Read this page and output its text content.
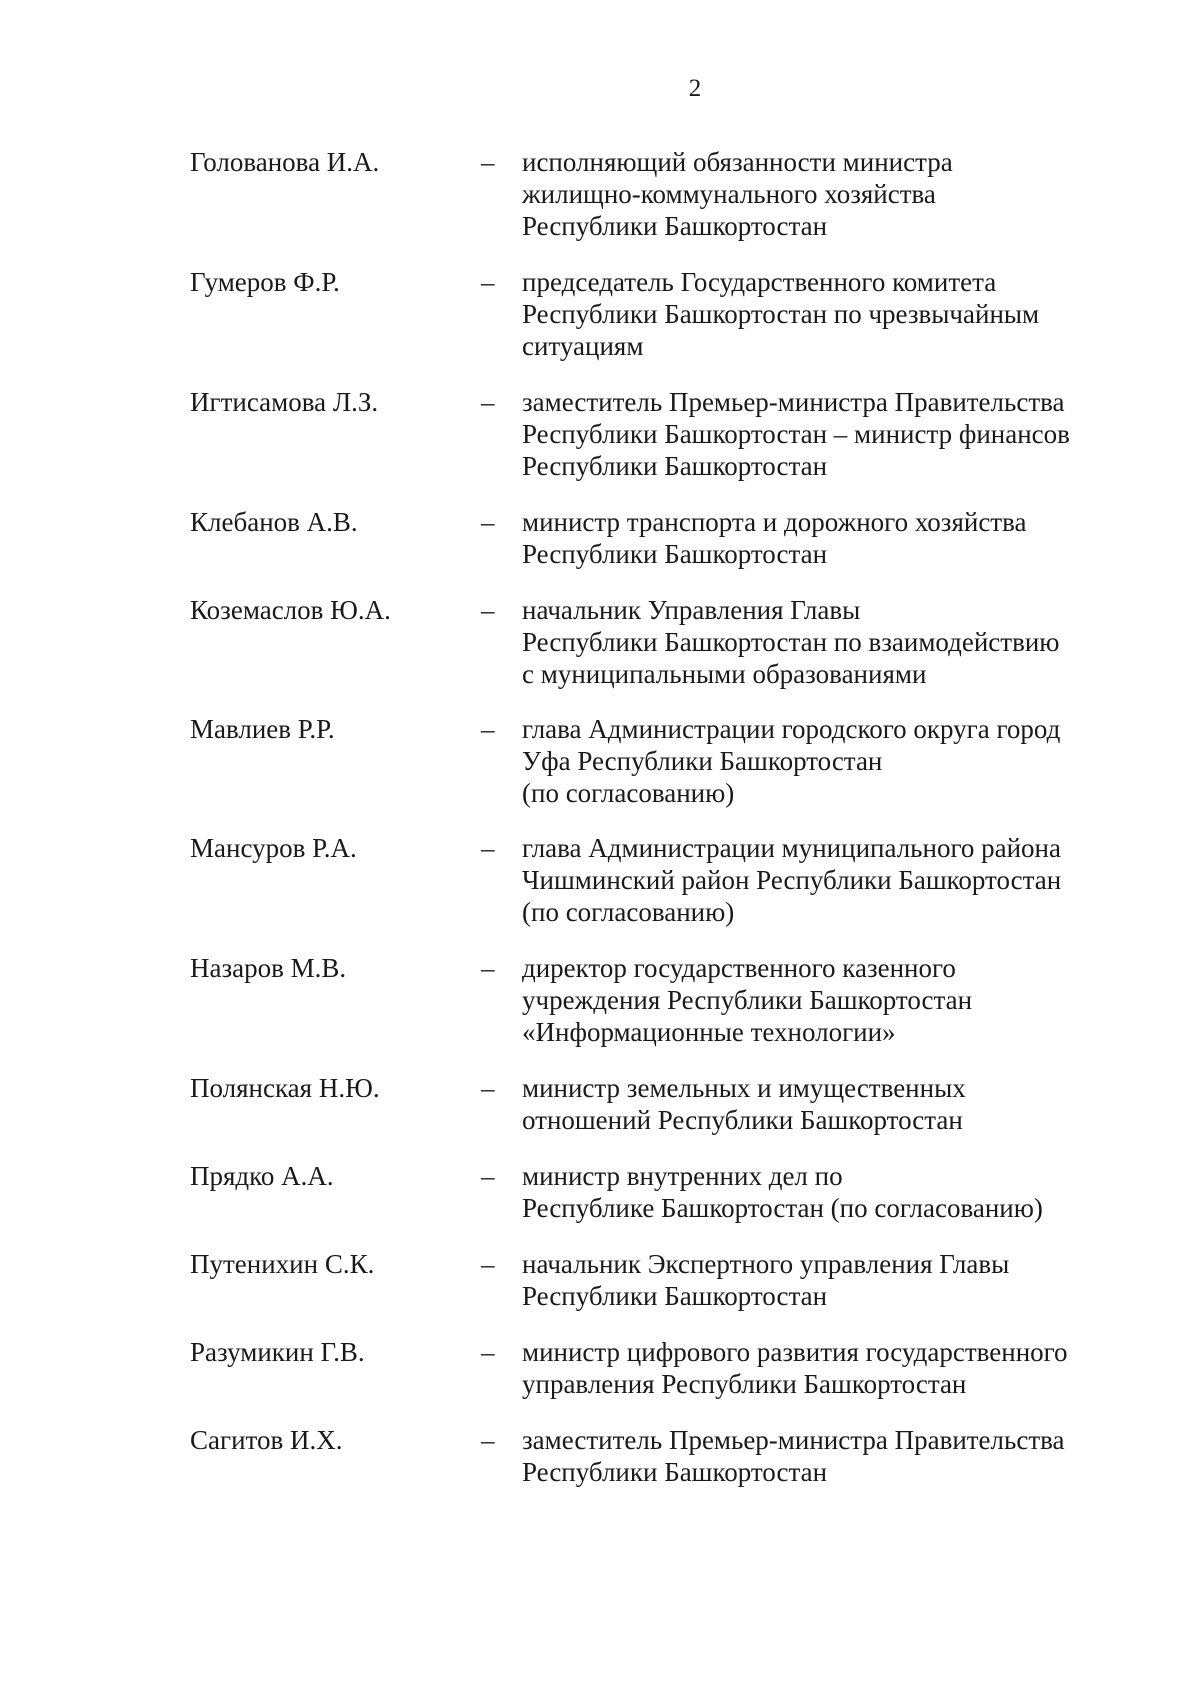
2
Голованова И.А.	– исполняющий обязанности министра
жилищно-коммунального хозяйства
Республики Башкортостан
Гумеров Ф.Р.	– председатель Государственного комитета
Республики Башкортостан по чрезвычайным
ситуациям
Игтисамова Л.З.	– заместитель Премьер-министра Правительства
Республики Башкортостан – министр финансов
Республики Башкортостан
Клебанов А.В.	– министр транспорта и дорожного хозяйства
Республики Башкортостан
Коземаслов Ю.А.	– начальник Управления Главы
Республики Башкортостан по взаимодействию
с муниципальными образованиями
Мавлиев Р.Р.	– глава Администрации городского округа город
Уфа Республики Башкортостан
(по согласованию)
Мансуров Р.А.	– глава Администрации муниципального района
Чишминский район Республики Башкортостан
(по согласованию)
Назаров М.В.	– директор государственного казенного
учреждения Республики Башкортостан
«Информационные технологии»
Полянская Н.Ю.	– министр земельных и имущественных
отношений Республики Башкортостан
Прядко А.А.	– министр внутренних дел по
Республике Башкортостан (по согласованию)
Путенихин С.К.	– начальник Экспертного управления Главы
Республики Башкортостан
Разумикин Г.В.	– министр цифрового развития государственного
управления Республики Башкортостан
Сагитов И.Х.	– заместитель Премьер-министра Правительства
Республики Башкортостан
